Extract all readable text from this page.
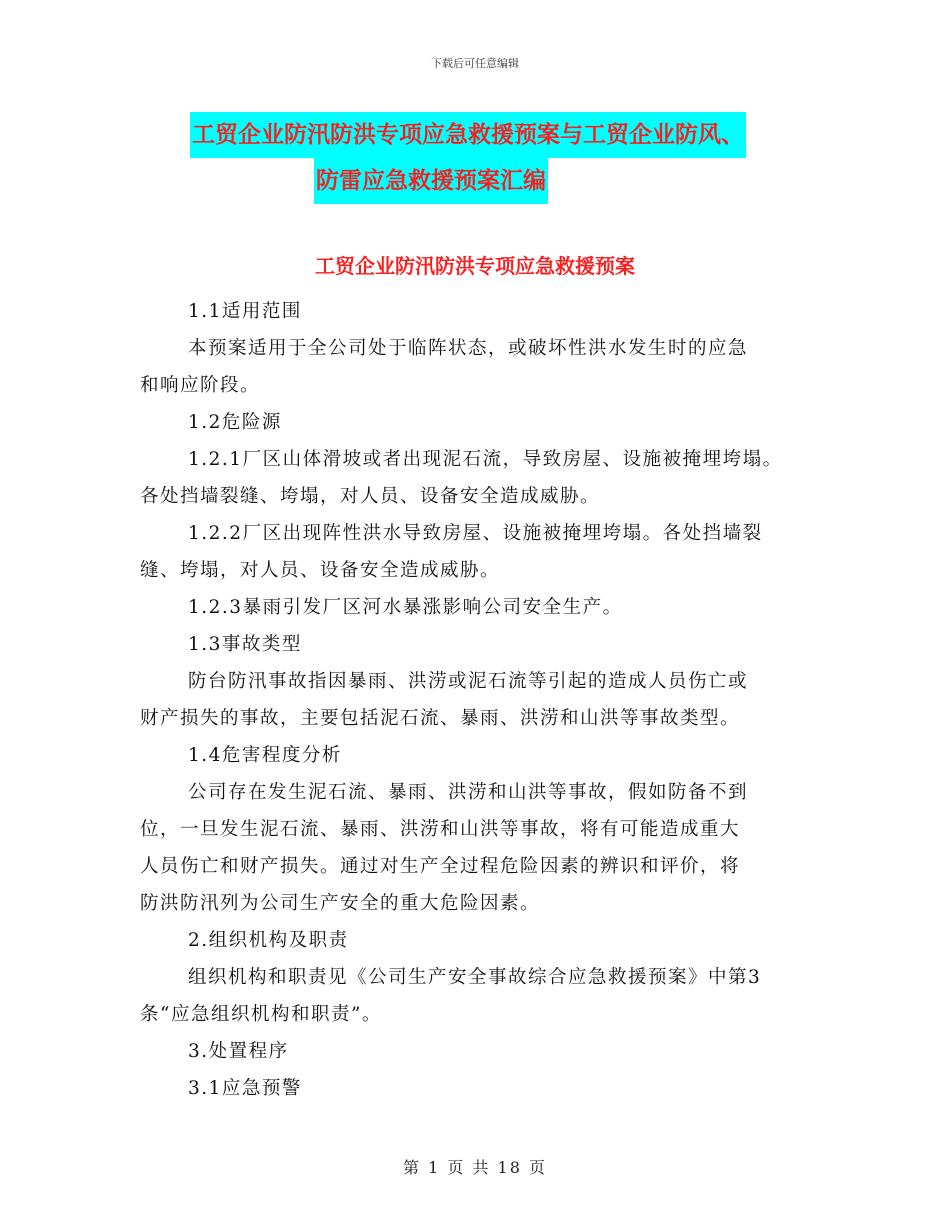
下载后可任意编辑
工贸企业防汛防洪专项应急救援预案与工贸企业防风、
防雷应急救援预案汇编
工贸企业防汛防洪专项应急救援预案

1.1适用范围

本预案适用于全公司处于临阵状态，或破坏性洪水发生时的应急
和响应阶段。

1.2危险源

1.2.1厂区山体滑坡或者出现泥石流，导致房屋、设施被掩埋垮塌。
各处挡墙裂缝、垮塌，对人员、设备安全造成威胁。

1.2.2厂区出现阵性洪水导致房屋、设施被掩埋垮塌。各处挡墙裂
缝、垮塌，对人员、设备安全造成威胁。

1.2.3暴雨引发厂区河水暴涨影响公司安全生产。

1.3事故类型

防台防汛事故指因暴雨、洪涝或泥石流等引起的造成人员伤亡或
财产损失的事故，主要包括泥石流、暴雨、洪涝和山洪等事故类型。

1.4危害程度分析

公司存在发生泥石流、暴雨、洪涝和山洪等事故，假如防备不到
位，一旦发生泥石流、暴雨、洪涝和山洪等事故，将有可能造成重大
人员伤亡和财产损失。通过对生产全过程危险因素的辨识和评价，将
防洪防汛列为公司生产安全的重大危险因素。

2.组织机构及职责

组织机构和职责见《公司生产安全事故综合应急救援预案》中第3
条“应急组织机构和职责”。

3.处置程序

3.1应急预警

第 1 页 共 18 页
